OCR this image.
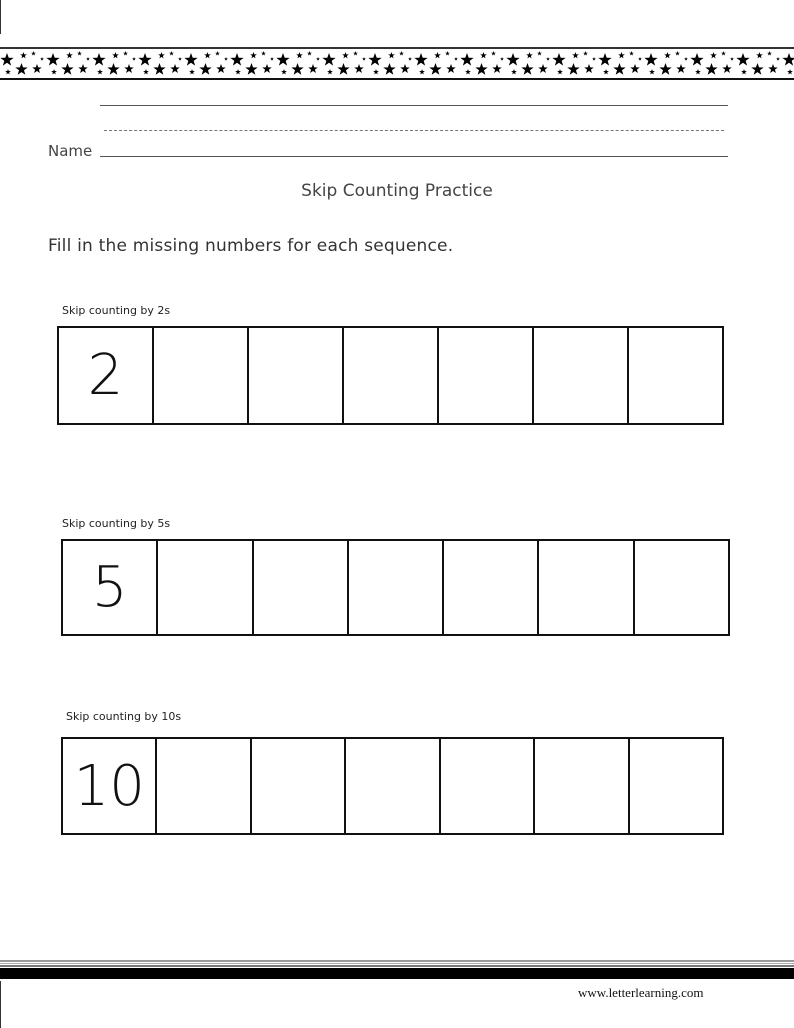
Name
Skip Counting Practice
Fill in the missing numbers for each sequence.
Skip counting by 2s
2
Skip counting by 5s
5
Skip counting by 10s
10
www.letterlearning.com
